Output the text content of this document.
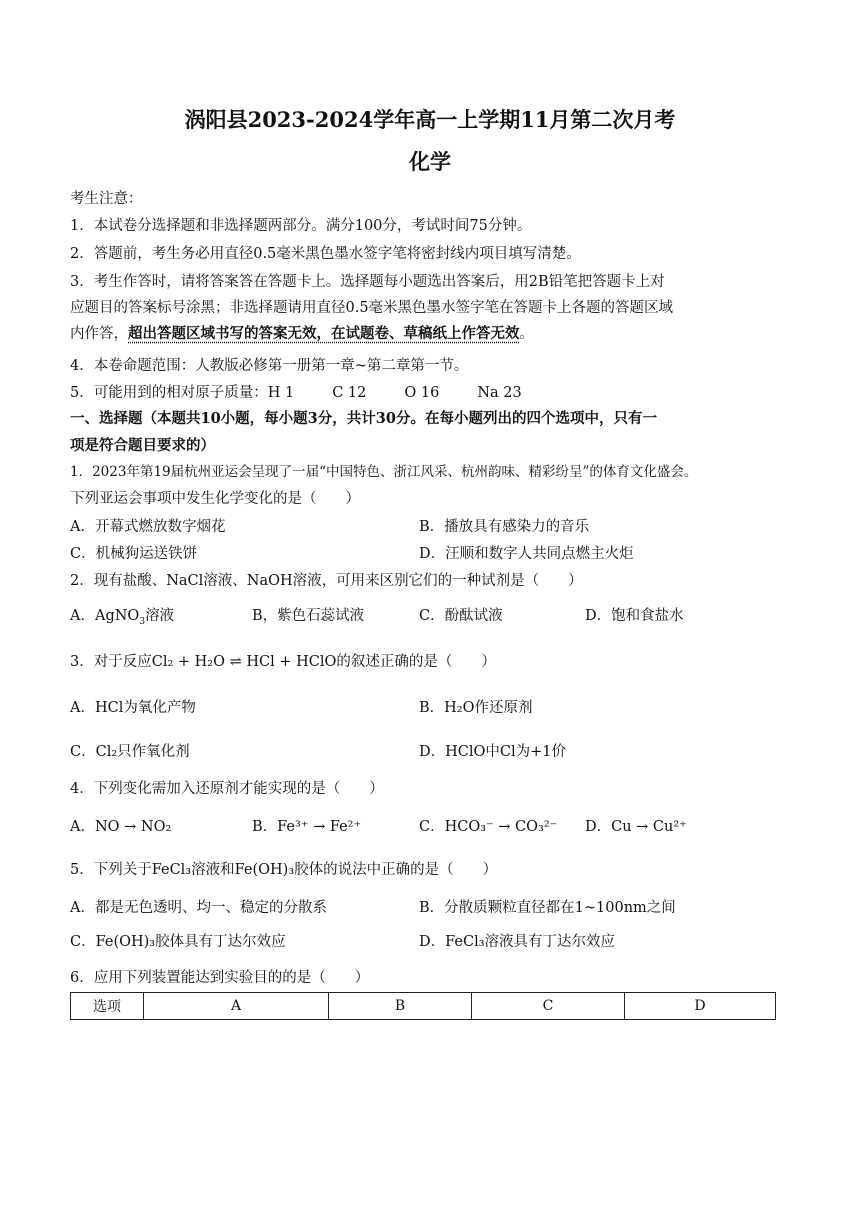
涡阳县2023-2024学年高一上学期11月第二次月考
化学
考生注意：
1．本试卷分选择题和非选择题两部分。满分100分，考试时间75分钟。
2．答题前，考生务必用直径0.5毫米黑色墨水签字笔将密封线内项目填写清楚。
3．考生作答时，请将答案答在答题卡上。选择题每小题选出答案后，用2B铅笔把答题卡上对
应题目的答案标号涂黑；非选择题请用直径0.5毫米黑色墨水签字笔在答题卡上各题的答题区域
内作答，超出答题区域书写的答案无效，在试题卷、草稿纸上作答无效。
4．本卷命题范围：人教版必修第一册第一章~第二章第一节。
5．可能用到的相对原子质量：H 1	C 12	O 16	Na 23
一、选择题（本题共10小题，每小题3分，共计30分。在每小题列出的四个选项中，只有一
项是符合题目要求的）
1．2023年第19届杭州亚运会呈现了一届“中国特色、浙江风采、杭州韵味、精彩纷呈”的体育文化盛会。
下列亚运会事项中发生化学变化的是（　　）
A．开幕式燃放数字烟花	B．播放具有感染力的音乐
C．机械狗运送铁饼	D．汪顺和数字人共同点燃主火炬
2．现有盐酸、NaCl溶液、NaOH溶液，可用来区别它们的一种试剂是（　　）
A．AgNO$_3$溶液	B，紫色石蕊试液	C．酚酞试液	D．饱和食盐水
3．对于反应Cl₂ + H₂O ⇌ HCl + HClO的叙述正确的是（　　）
A．HCl为氧化产物	B．H₂O作还原剂
C．Cl₂只作氧化剂	D．HClO中Cl为+1价
4．下列变化需加入还原剂才能实现的是（　　）
A．NO → NO₂	B．Fe³⁺ → Fe²⁺	C．HCO₃⁻ → CO₃²⁻ D．Cu → Cu²⁺
5．下列关于FeCl₃溶液和Fe(OH)₃胶体的说法中正确的是（　　）
A．都是无色透明、均一、稳定的分散系	B．分散质颗粒直径都在1~100nm之间
C．Fe(OH)₃胶体具有丁达尔效应	D．FeCl₃溶液具有丁达尔效应
6．应用下列装置能达到实验目的的是（　　）
选项	A	B	C	D
